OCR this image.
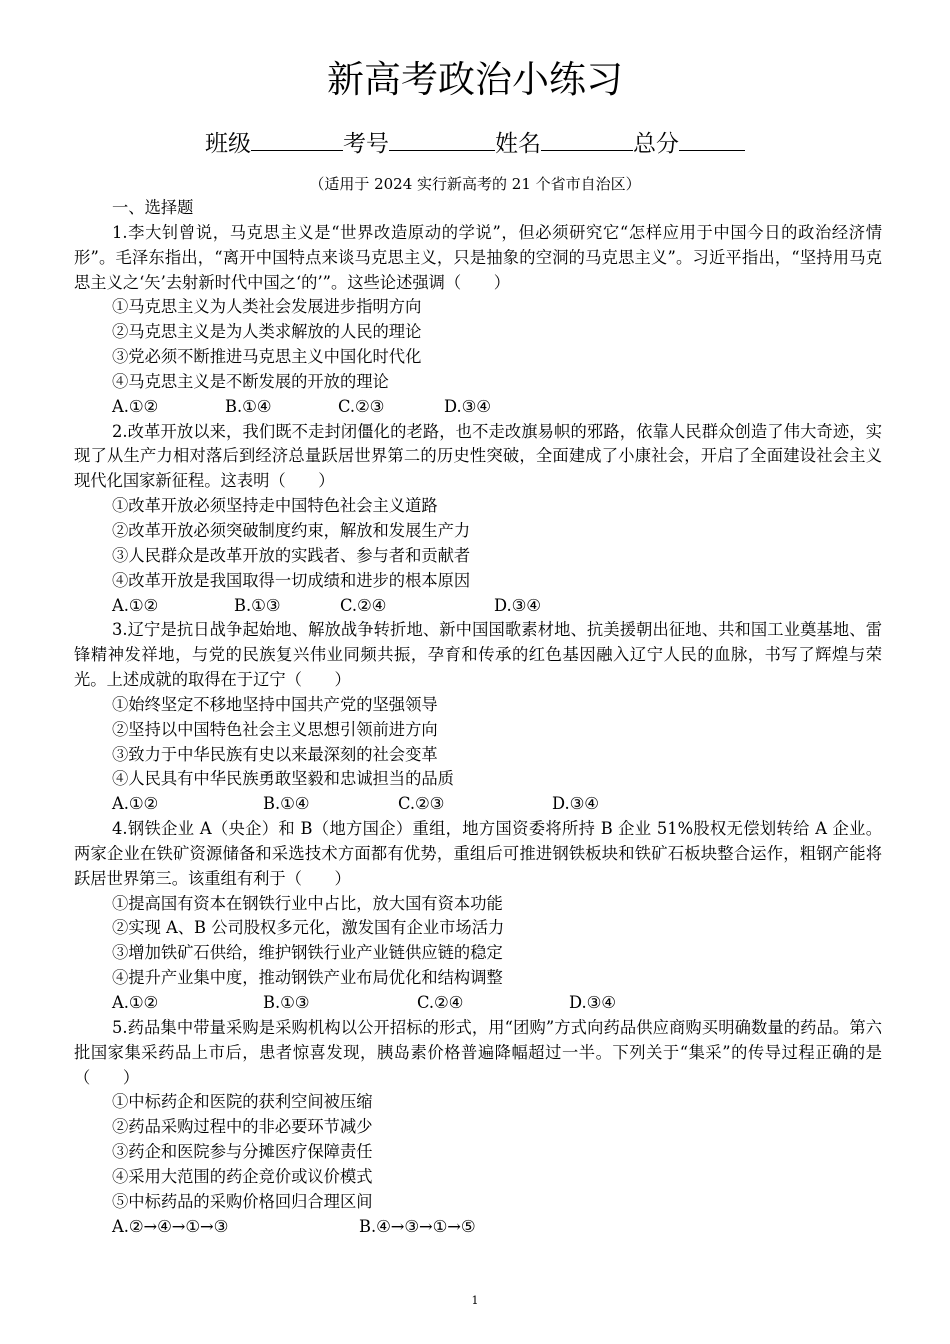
新高考政治小练习
班级	考号	姓名	总分
（适用于 2024 实行新高考的 21 个省市自治区）
一、选择题
1.李大钊曾说，马克思主义是“世界改造原动的学说”，但必须研究它“怎样应用于中国今日的政治经济情形”。毛泽东指出，“离开中国特点来谈马克思主义，只是抽象的空洞的马克思主义”。习近平指出，“坚持用马克思主义之‘矢’去射新时代中国之‘的’”。这些论述强调（　　）
①马克思主义为人类社会发展进步指明方向
②马克思主义是为人类求解放的人民的理论
③党必须不断推进马克思主义中国化时代化
④马克思主义是不断发展的开放的理论
A.①②	B.①④	C.②③	D.③④
2.改革开放以来，我们既不走封闭僵化的老路，也不走改旗易帜的邪路，依靠人民群众创造了伟大奇迹，实现了从生产力相对落后到经济总量跃居世界第二的历史性突破，全面建成了小康社会，开启了全面建设社会主义现代化国家新征程。这表明（　　）
①改革开放必须坚持走中国特色社会主义道路
②改革开放必须突破制度约束，解放和发展生产力
③人民群众是改革开放的实践者、参与者和贡献者
④改革开放是我国取得一切成绩和进步的根本原因
A.①②	B.①③	C.②④	D.③④
3.辽宁是抗日战争起始地、解放战争转折地、新中国国歌素材地、抗美援朝出征地、共和国工业奠基地、雷锋精神发祥地，与党的民族复兴伟业同频共振，孕育和传承的红色基因融入辽宁人民的血脉，书写了辉煌与荣光。上述成就的取得在于辽宁（　　）
①始终坚定不移地坚持中国共产党的坚强领导
②坚持以中国特色社会主义思想引领前进方向
③致力于中华民族有史以来最深刻的社会变革
④人民具有中华民族勇敢坚毅和忠诚担当的品质
A.①②	B.①④	C.②③	D.③④
4.钢铁企业 A（央企）和 B（地方国企）重组，地方国资委将所持 B 企业 51%股权无偿划转给 A 企业。两家企业在铁矿资源储备和采选技术方面都有优势，重组后可推进钢铁板块和铁矿石板块整合运作，粗钢产能将跃居世界第三。该重组有利于（　　）
①提高国有资本在钢铁行业中占比，放大国有资本功能
②实现 A、B 公司股权多元化，激发国有企业市场活力
③增加铁矿石供给，维护钢铁行业产业链供应链的稳定
④提升产业集中度，推动钢铁产业布局优化和结构调整
A.①②	B.①③	C.②④	D.③④
5.药品集中带量采购是采购机构以公开招标的形式，用“团购”方式向药品供应商购买明确数量的药品。第六批国家集采药品上市后，患者惊喜发现，胰岛素价格普遍降幅超过一半。下列关于“集采”的传导过程正确的是（　　）
①中标药企和医院的获利空间被压缩
②药品采购过程中的非必要环节减少
③药企和医院参与分摊医疗保障责任
④采用大范围的药企竞价或议价模式
⑤中标药品的采购价格回归合理区间
A.②→④→①→③	B.④→③→①→⑤
1
